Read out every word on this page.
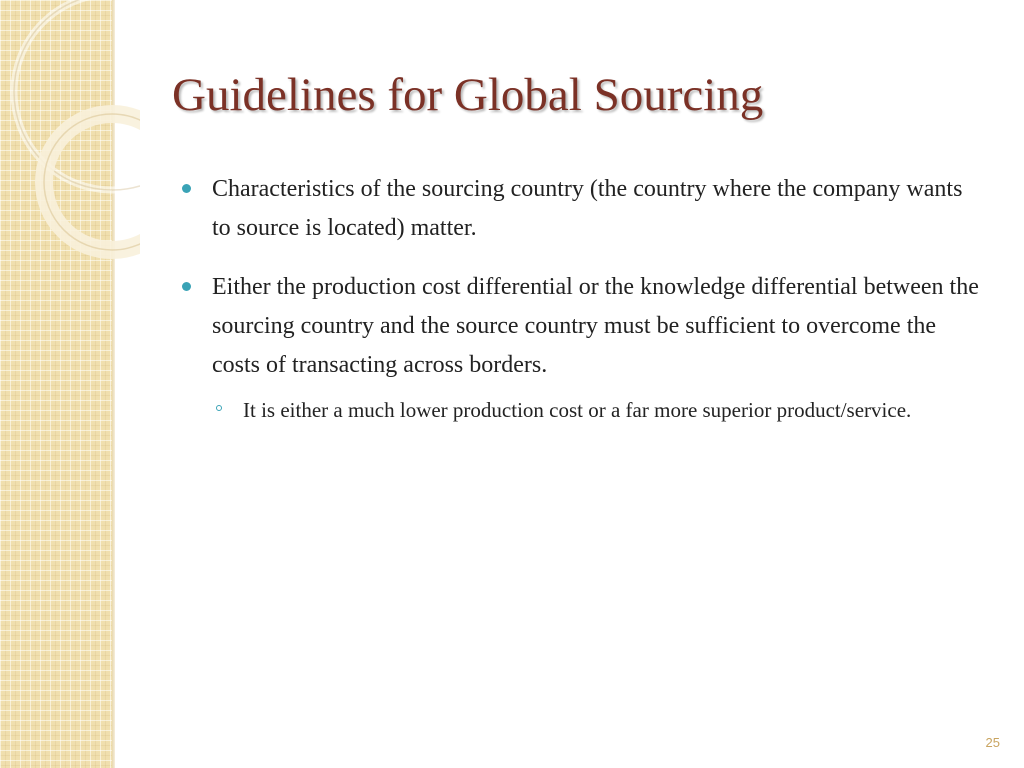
Guidelines for Global Sourcing
Characteristics of the sourcing country (the country where the company wants to source is located) matter.
Either the production cost differential or the knowledge differential between the sourcing country and the source country must be sufficient to overcome the costs of transacting across borders.
It is either a much lower production cost or a far more superior product/service.
25
